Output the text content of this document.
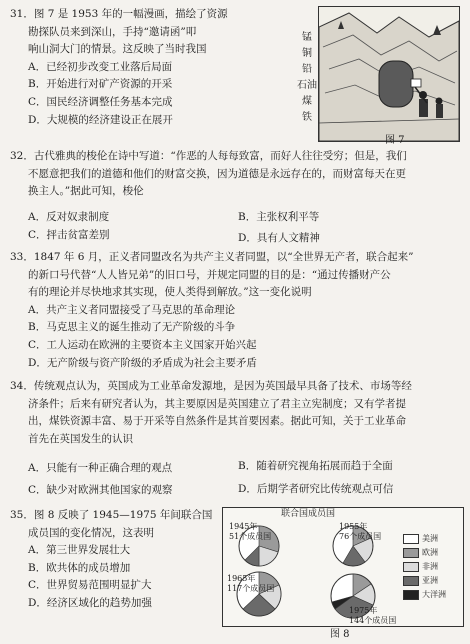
31．图 7 是 1953 年的一幅漫画，描绘了资源
勘探队员来到深山，手持“邀请函”叩
响山洞大门的情景。这反映了当时我国
A．已经初步改变工业落后局面
B．开始进行对矿产资源的开采
C．国民经济调整任务基本完成
D．大规模的经济建设正在展开
锰
铜
铅
石油
煤
铁
图 7
32．古代雅典的梭伦在诗中写道：“作恶的人每每致富，而好人往往受穷；但是，我们
不愿意把我们的道德和他们的财富交换，因为道德是永远存在的，而财富每天在更
换主人。”据此可知，梭伦
A．反对奴隶制度	B．主张权利平等
C．抨击贫富差别	D．具有人文精神
33．1847 年 6 月，正义者同盟改名为共产主义者同盟，以“全世界无产者，联合起来”
的新口号代替“人人皆兄弟”的旧口号，并规定同盟的目的是：“通过传播财产公
有的理论并尽快地求其实现，使人类得到解放。”这一变化说明
A．共产主义者同盟接受了马克思的革命理论
B．马克思主义的诞生推动了无产阶级的斗争
C．工人运动在欧洲的主要资本主义国家开始兴起
D．无产阶级与资产阶级的矛盾成为社会主要矛盾
34．传统观点认为，英国成为工业革命发源地，是因为英国最早具备了技术、市场等经
济条件；后来有研究者认为，其主要原因是英国建立了君主立宪制度；又有学者提
出，煤铁资源丰富、易于开采等自然条件是其首要因素。据此可知，关于工业革命
首先在英国发生的认识
A．只能有一种正确合理的观点	B．随着研究视角拓展而趋于全面
C．缺少对欧洲其他国家的观察	D．后期学者研究比传统观点可信
35．图 8 反映了 1945—1975 年间联合国
成员国的变化情况，这表明
A．第三世界发展壮大
B．欧共体的成员增加
C．世界贸易范围明显扩大
D．经济区域化的趋势加强
联合国成员国
1945年
51个成员国
1955年
76个成员国
1965年
117个成员国
1975年
144个成员国
美洲
欧洲
非洲
亚洲
大洋洲
图 8
